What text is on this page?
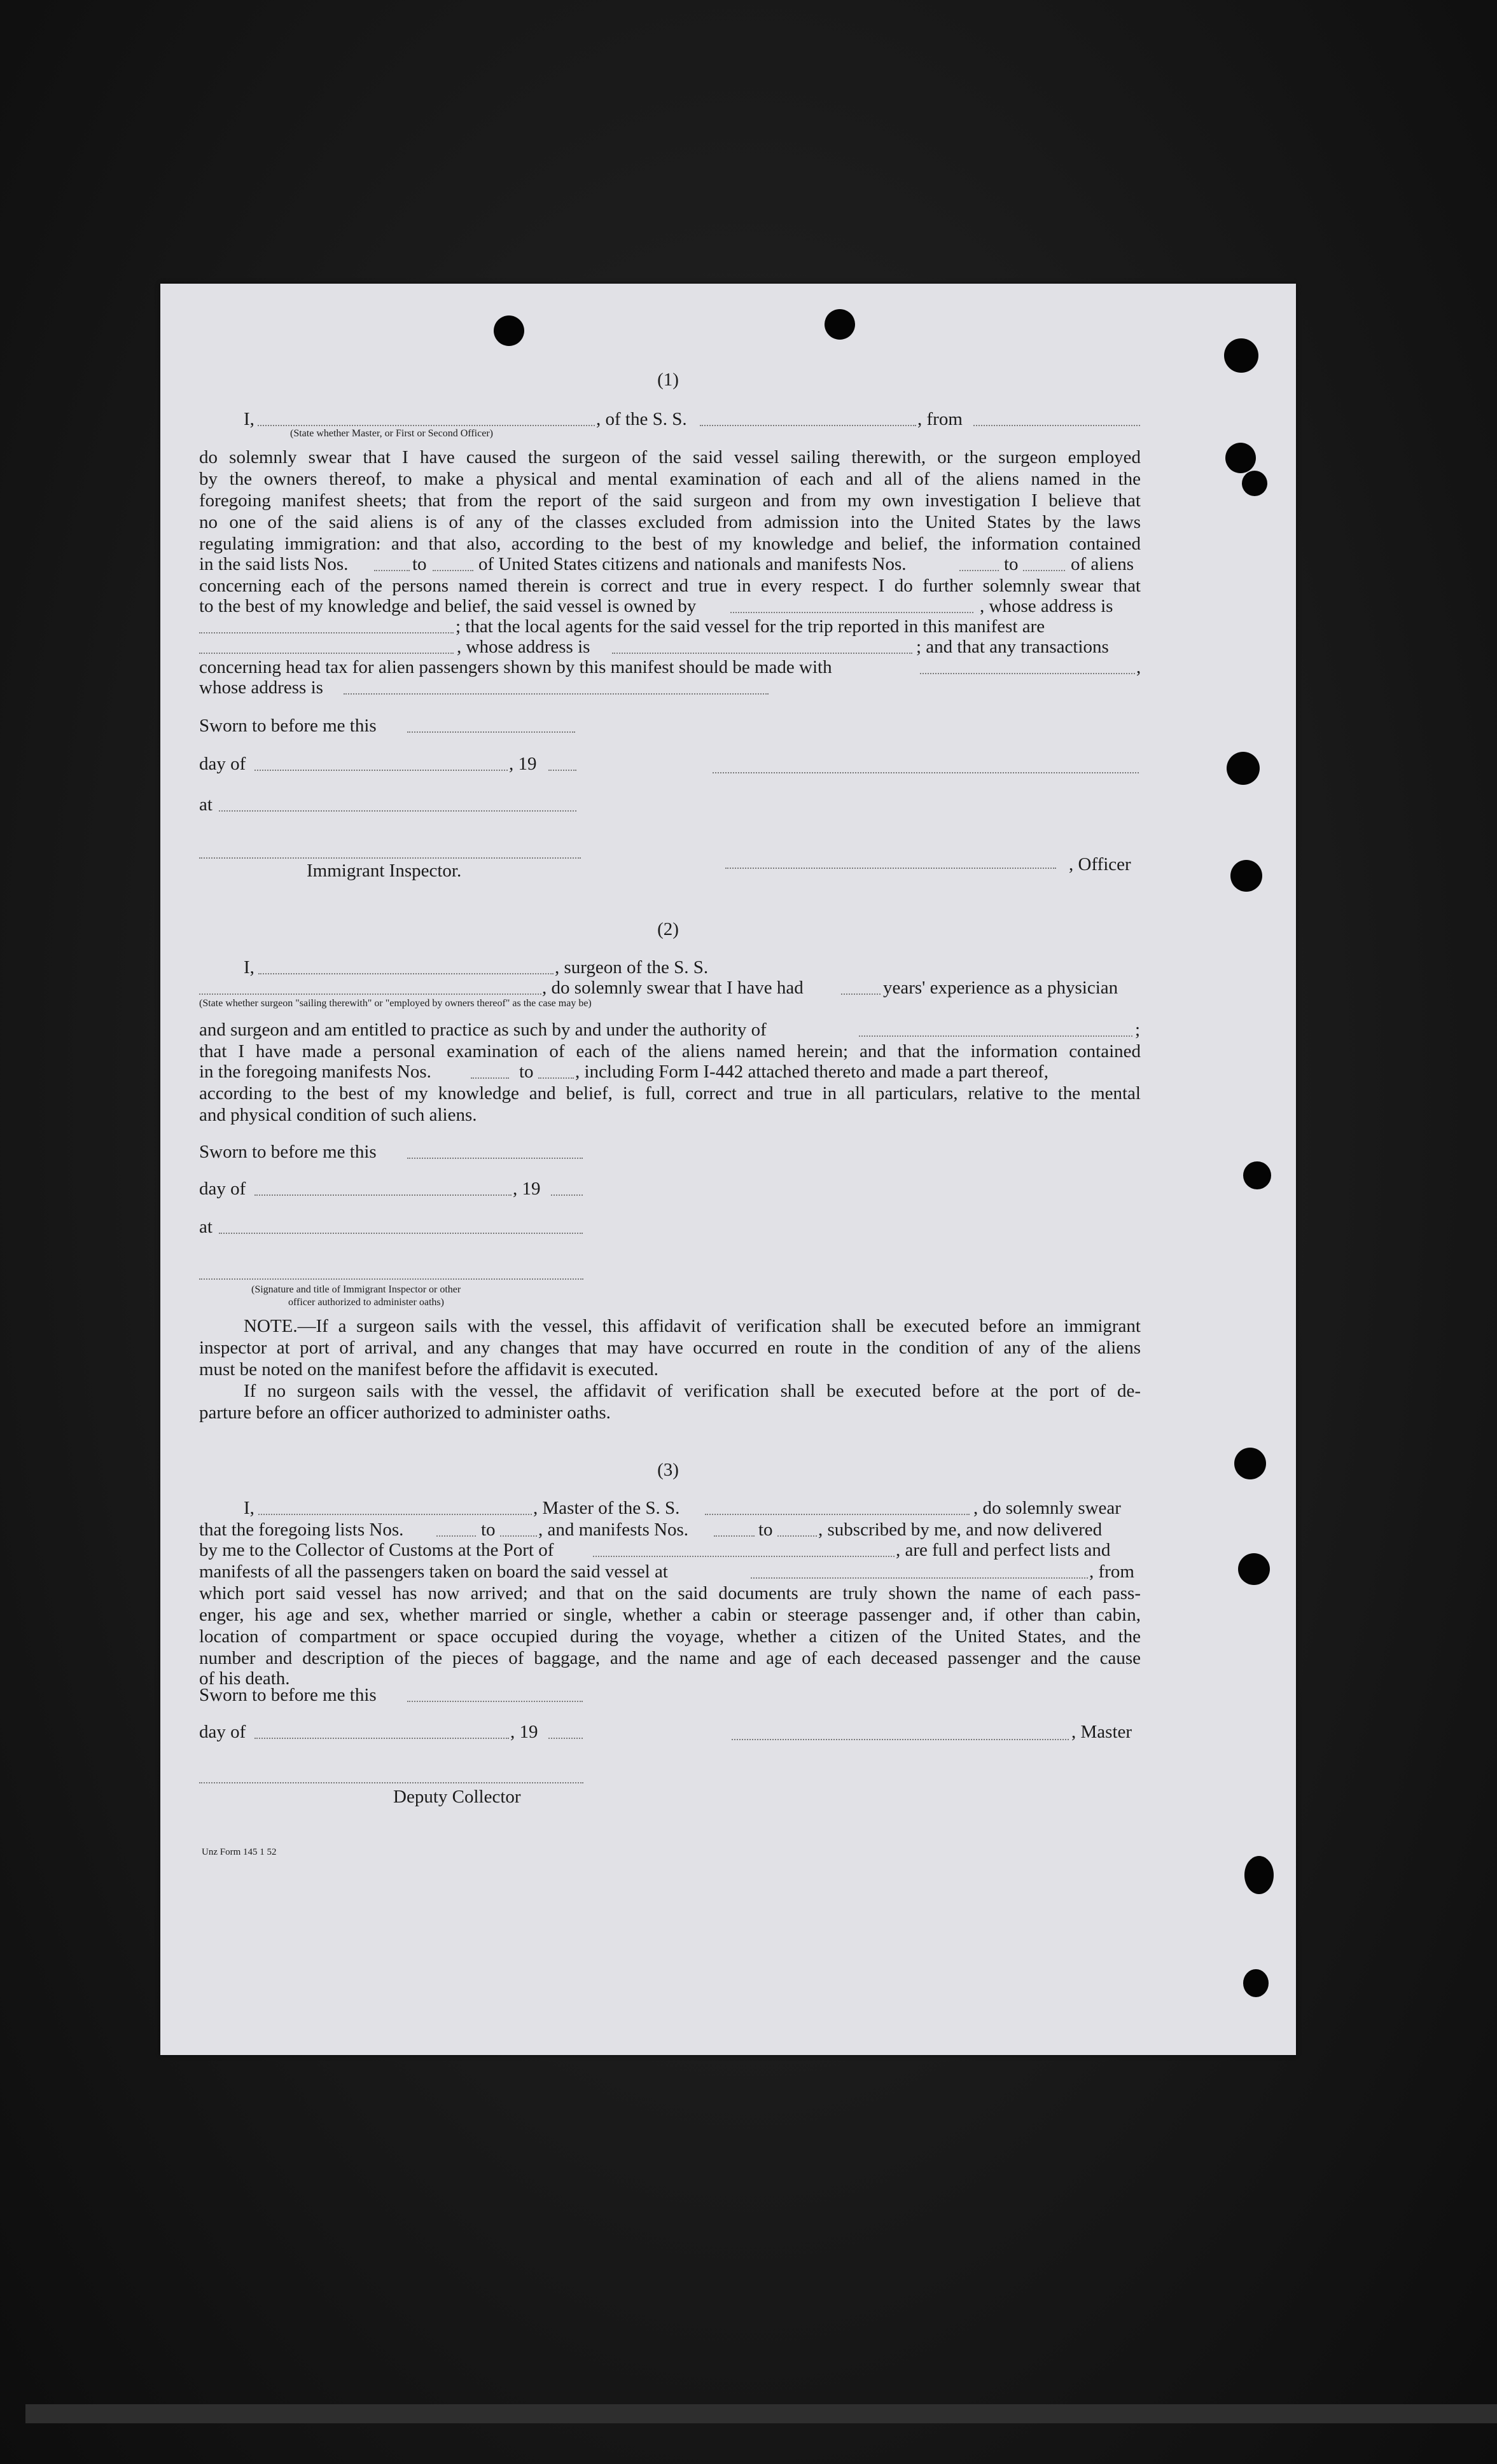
(1)
I,	, of the S. S.	, from
(State whether Master, or First or Second Officer)
do solemnly swear that I have caused the surgeon of the said vessel sailing therewith, or the surgeon employed
by the owners thereof, to make a physical and mental examination of each and all of the aliens named in the
foregoing manifest sheets; that from the report of the said surgeon and from my own investigation I believe that
no one of the said aliens is of any of the classes excluded from admission into the United States by the laws
regulating immigration: and that also, according to the best of my knowledge and belief, the information contained
in the said lists Nos.	to	of United States citizens and nationals and manifests Nos.	to	of aliens
concerning each of the persons named therein is correct and true in every respect. I do further solemnly swear that
to the best of my knowledge and belief, the said vessel is owned by	, whose address is
; that the local agents for the said vessel for the trip reported in this manifest are
, whose address is	; and that any transactions
concerning head tax for alien passengers shown by this manifest should be made with	,
whose address is
Sworn to before me this
day of	, 19
at
Immigrant Inspector.	, Officer
(2)
I,	, surgeon of the S. S.
, do solemnly swear that I have had	years' experience as a physician
(State whether surgeon "sailing therewith" or "employed by owners thereof" as the case may be)
and surgeon and am entitled to practice as such by and under the authority of	;
that I have made a personal examination of each of the aliens named herein; and that the information contained
in the foregoing manifests Nos.	to , including Form I-442 attached thereto and made a part thereof,
according to the best of my knowledge and belief, is full, correct and true in all particulars, relative to the mental
and physical condition of such aliens.
Sworn to before me this
day of	, 19
at
(Signature and title of Immigrant Inspector or other
officer authorized to administer oaths)
NOTE.—If a surgeon sails with the vessel, this affidavit of verification shall be executed before an immigrant
inspector at port of arrival, and any changes that may have occurred en route in the condition of any of the aliens
must be noted on the manifest before the affidavit is executed.
If no surgeon sails with the vessel, the affidavit of verification shall be executed before at the port of de-
parture before an officer authorized to administer oaths.
(3)
I,	, Master of the S. S.	, do solemnly swear
that the foregoing lists Nos.	to , and manifests Nos.	to , subscribed by me, and now delivered
by me to the Collector of Customs at the Port of	, are full and perfect lists and
manifests of all the passengers taken on board the said vessel at	, from
which port said vessel has now arrived; and that on the said documents are truly shown the name of each pass-
enger, his age and sex, whether married or single, whether a cabin or steerage passenger and, if other than cabin,
location of compartment or space occupied during the voyage, whether a citizen of the United States, and the
number and description of the pieces of baggage, and the name and age of each deceased passenger and the cause
of his death.
Sworn to before me this
day of	, 19	, Master
Deputy Collector
Unz Form 145 1 52
